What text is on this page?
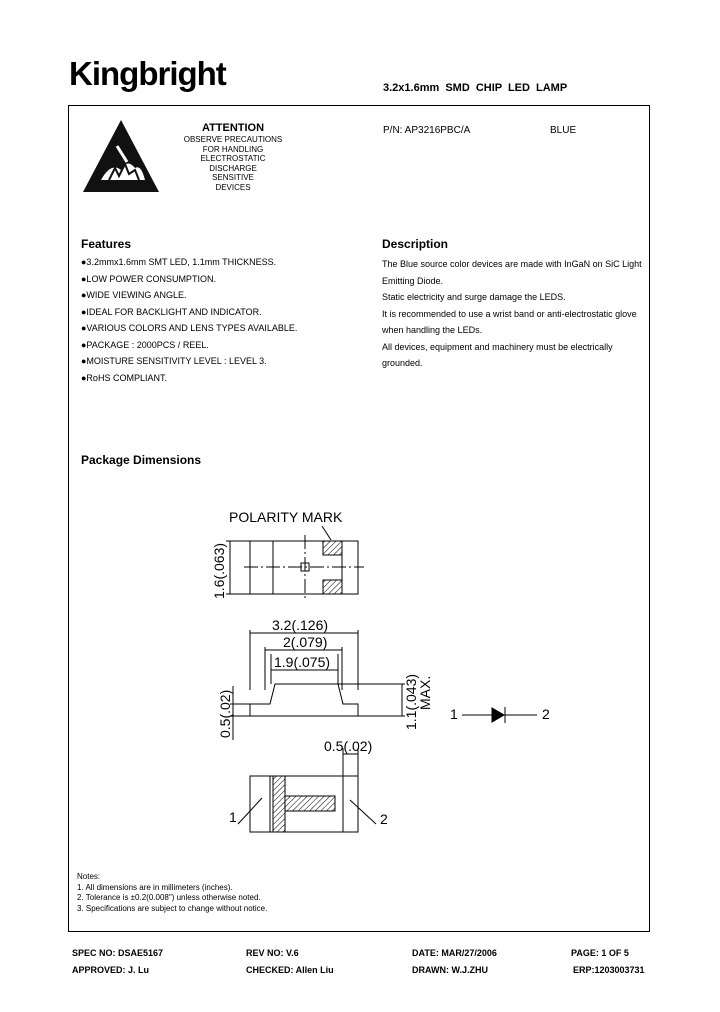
Kingbright	3.2x1.6mm SMD CHIP LED LAMP
ATTENTION
OBSERVE PRECAUTIONS
FOR HANDLING
ELECTROSTATIC
DISCHARGE
SENSITIVE
DEVICES
P/N: AP3216PBC/A	BLUE
Features
●3.2mmx1.6mm SMT LED, 1.1mm THICKNESS.
●LOW POWER CONSUMPTION.
●WIDE VIEWING ANGLE.
●IDEAL FOR BACKLIGHT AND INDICATOR.
●VARIOUS COLORS AND LENS TYPES AVAILABLE.
●PACKAGE : 2000PCS / REEL.
●MOISTURE SENSITIVITY LEVEL : LEVEL 3.
●RoHS COMPLIANT.
Description

The Blue source color devices are made with InGaN on SiC Light Emitting Diode.

Static electricity and surge damage the LEDS.

It is recommended to use a wrist band or anti-electrostatic glove when handling the LEDs.

All devices, equipment and machinery must be electrically grounded.

Package Dimensions
POLARITY MARK
1.6(.063)
3.2(.126)
2(.079)
1.9(.075)
1.1(.043)
MAX.
0.5(.02)	1	2
0.5(.02)
1	2
Notes:
1. All dimensions are in millimeters (inches).
2. Tolerance is ±0.2(0.008") unless otherwise noted.
3. Specifications are subject to change without notice.
SPEC NO: DSAE5167	REV NO: V.6	DATE: MAR/27/2006	PAGE: 1 OF 5
APPROVED: J. Lu	CHECKED: Allen Liu	DRAWN: W.J.ZHU	ERP:1203003731
